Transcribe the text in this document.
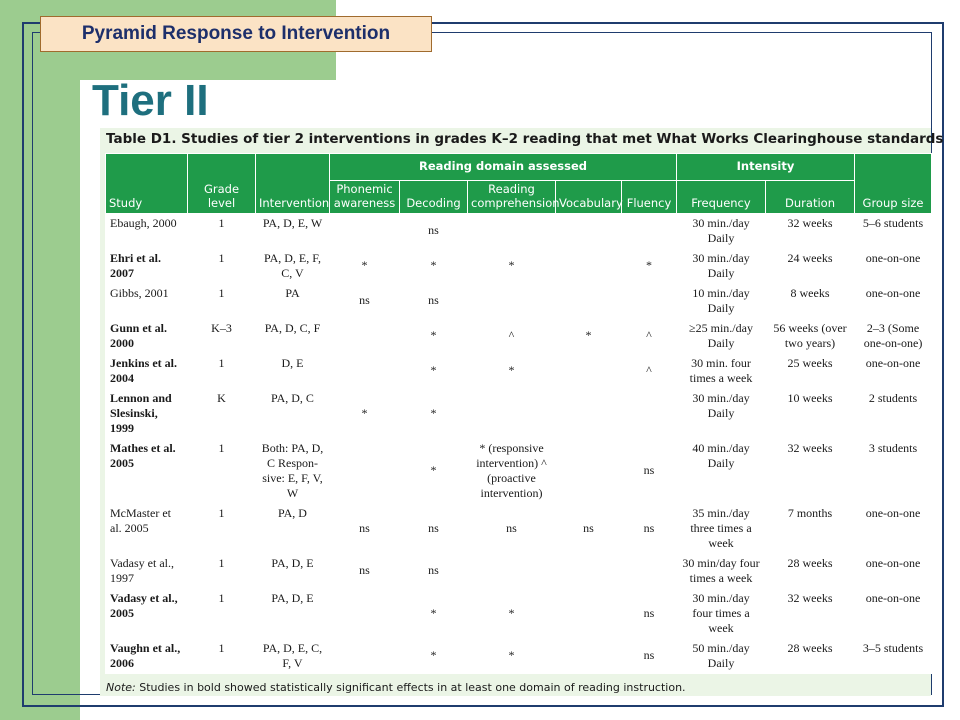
Pyramid Response to Intervention
Tier II
Table D1. Studies of tier 2 interventions in grades K–2 reading that met What Works Clearinghouse standards
Study	Grade level	Intervention	Reading domain assessed					Intensity		Group size
			Phonemic awareness	Decoding	Reading comprehension	Vocabulary	Fluency	Frequency	Duration	
Ebaugh, 2000	1	PA, D, E, W		ns				30 min./day Daily	32 weeks	5–6 students
Ehri et al. 2007	1	PA, D, E, F, C, V	*	*	*		*	30 min./day Daily	24 weeks	one-on-one
Gibbs, 2001	1	PA	ns	ns				10 min./day Daily	8 weeks	one-on-one
Gunn et al. 2000	K–3	PA, D, C, F		*	^	*	^	≥25 min./day Daily	56 weeks (over two years)	2–3 (Some one-on-one)
Jenkins et al. 2004	1	D, E		*	*		^	30 min. four times a week	25 weeks	one-on-one
Lennon and Slesinski, 1999	K	PA, D, C	*	*				30 min./day Daily	10 weeks	2 students
Mathes et al. 2005	1	Both: PA, D, C Respon- sive: E, F, V, W		*	* (responsive intervention) ^ (proactive intervention)		ns	40 min./day Daily	32 weeks	3 students
McMaster et al. 2005	1	PA, D	ns	ns	ns	ns	ns	35 min./day three times a week	7 months	one-on-one
Vadasy et al., 1997	1	PA, D, E	ns	ns				30 min/day four times a week	28 weeks	one-on-one
Vadasy et al., 2005	1	PA, D, E		*	*		ns	30 min./day four times a week	32 weeks	one-on-one
Vaughn et al., 2006	1	PA, D, E, C, F, V		*	*		ns	50 min./day Daily	28 weeks	3–5 students
Note: Studies in bold showed statistically significant effects in at least one domain of reading instruction.
